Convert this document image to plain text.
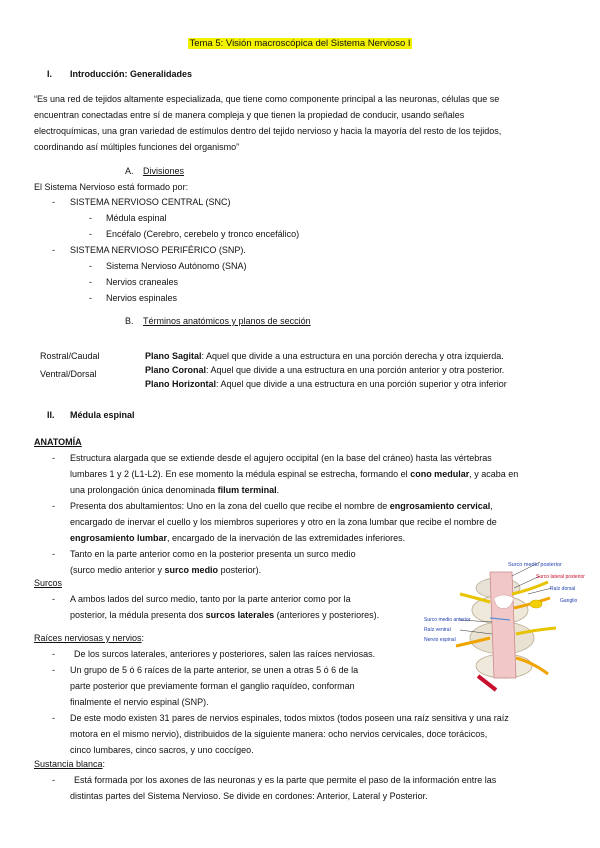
Tema 5: Visión macroscópica del Sistema Nervioso I
I. Introducción: Generalidades
“Es una red de tejidos altamente especializada, que tiene como componente principal a las neuronas, células que se
encuentran conectadas entre sí de manera compleja y que tienen la propiedad de conducir, usando señales
electroquímicas, una gran variedad de estímulos dentro del tejido nervioso y hacia la mayoría del resto de los tejidos,
coordinando así múltiples funciones del organismo”
A. Divisiones
El Sistema Nervioso está formado por:
- SISTEMA NERVIOSO CENTRAL (SNC)
- Médula espinal
- Encéfalo (Cerebro, cerebelo y tronco encefálico)
- SISTEMA NERVIOSO PERIFÉRICO (SNP).
- Sistema Nervioso Autónomo (SNA)
- Nervios craneales
- Nervios espinales
B. Términos anatómicos y planos de sección
Rostral/Caudal
Ventral/Dorsal
Plano Sagital: Aquel que divide a una estructura en una porción derecha y otra izquierda.
Plano Coronal: Aquel que divide a una estructura en una porción anterior y otra posterior.
Plano Horizontal: Aquel que divide a una estructura en una porción superior y otra inferior
II. Médula espinal
ANATOMÍA
- Estructura alargada que se extiende desde el agujero occipital (en la base del cráneo) hasta las vértebras
lumbares 1 y 2 (L1-L2). En ese momento la médula espinal se estrecha, formando el cono medular, y acaba en
una prolongación única denominada filum terminal.
- Presenta dos abultamientos: Uno en la zona del cuello que recibe el nombre de engrosamiento cervical,
encargado de inervar el cuello y los miembros superiores y otro en la zona lumbar que recibe el nombre de
engrosamiento lumbar, encargado de la inervación de las extremidades inferiores.
- Tanto en la parte anterior como en la posterior presenta un surco medio
(surco medio anterior y surco medio posterior).
Surcos
- A ambos lados del surco medio, tanto por la parte anterior como por la
posterior, la médula presenta dos surcos laterales (anteriores y posteriores).
Raíces nerviosas y nervios:
- De los surcos laterales, anteriores y posteriores, salen las raíces nerviosas.
- Un grupo de 5 ó 6 raíces de la parte anterior, se unen a otras 5 ó 6 de la
parte posterior que previamente forman el ganglio raquídeo, conforman
finalmente el nervio espinal (SNP).
- De este modo existen 31 pares de nervios espinales, todos mixtos (todos poseen una raíz sensitiva y una raíz
motora en el mismo nervio), distribuidos de la siguiente manera: ocho nervios cervicales, doce torácicos,
cinco lumbares, cinco sacros, y uno coccígeo.
Sustancia blanca:
- Está formada por los axones de las neuronas y es la parte que permite el paso de la información entre las
distintas partes del Sistema Nervioso. Se divide en cordones: Anterior, Lateral y Posterior.
Surco medio posterior
Surco lateral posterior
Raíz dorsal
Ganglio
Surco medio anterior
Raíz ventral
Nervio espinal
